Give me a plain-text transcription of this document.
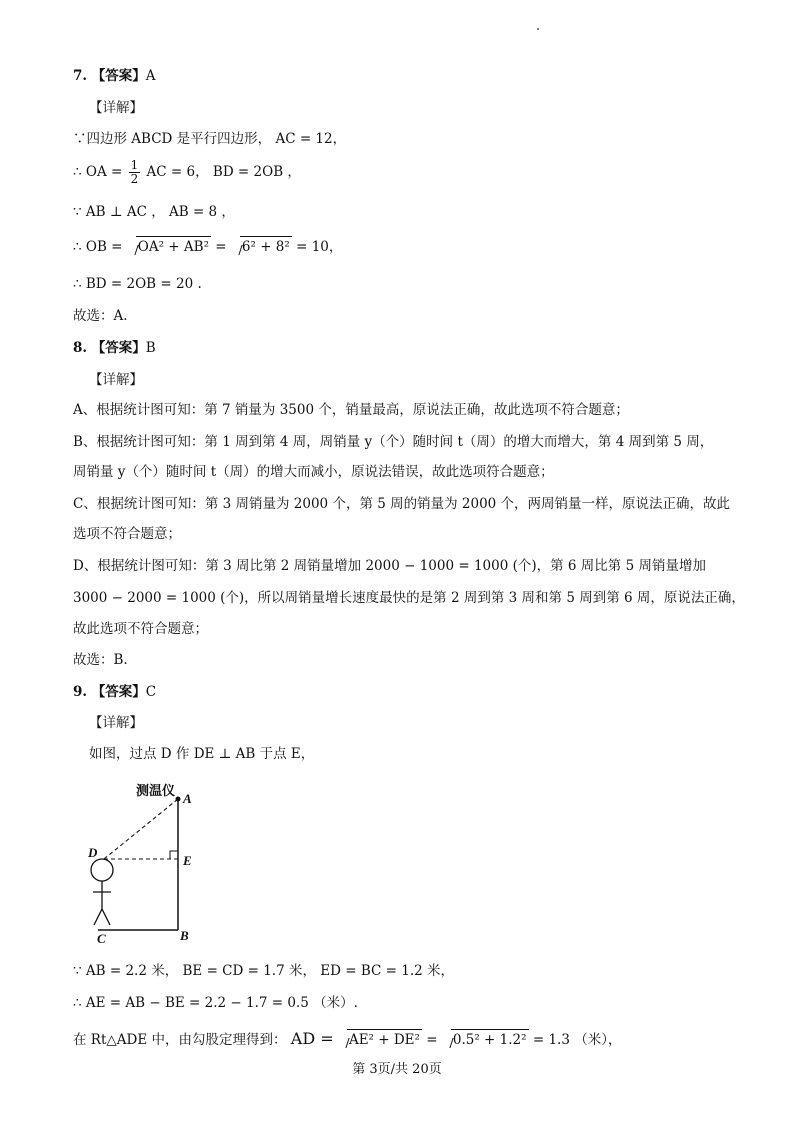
7. 【答案】A
【详解】
∵四边形 ABCD 是平行四边形， AC = 12，
∴ OA = $\frac{1}{2}$ AC = 6， BD = 2OB ，
∵ AB ⊥ AC ， AB = 8 ，
∴ OB = OA² + AB² = 6² + 8² = 10，
∴ BD = 2OB = 20 .
故选：A.
8. 【答案】B
【详解】
A、根据统计图可知：第 7 销量为 3500 个，销量最高，原说法正确，故此选项不符合题意；
B、根据统计图可知：第 1 周到第 4 周，周销量 y（个）随时间 t（周）的增大而增大，第 4 周到第 5 周，
周销量 y（个）随时间 t（周）的增大而减小，原说法错误，故此选项符合题意；
C、根据统计图可知：第 3 周销量为 2000 个，第 5 周的销量为 2000 个，两周销量一样，原说法正确，故此
选项不符合题意；
D、根据统计图可知：第 3 周比第 2 周销量增加 2000 − 1000 = 1000 (个)，第 6 周比第 5 周销量增加
3000 − 2000 = 1000 (个)，所以周销量增长速度最快的是第 2 周到第 3 周和第 5 周到第 6 周，原说法正确，
故此选项不符合题意；
故选：B.
9. 【答案】C
【详解】
如图，过点 D 作 DE ⊥ AB 于点 E，
测温仪 A
D
E
C	B
∵ AB = 2.2 米， BE = CD = 1.7 米， ED = BC = 1.2 米，
∴ AE = AB − BE = 2.2 − 1.7 = 0.5 （米）.
在 Rt△ADE 中，由勾股定理得到： AD = AE² + DE² = 0.5² + 1.2² = 1.3 （米），
第 3页/共 20页
